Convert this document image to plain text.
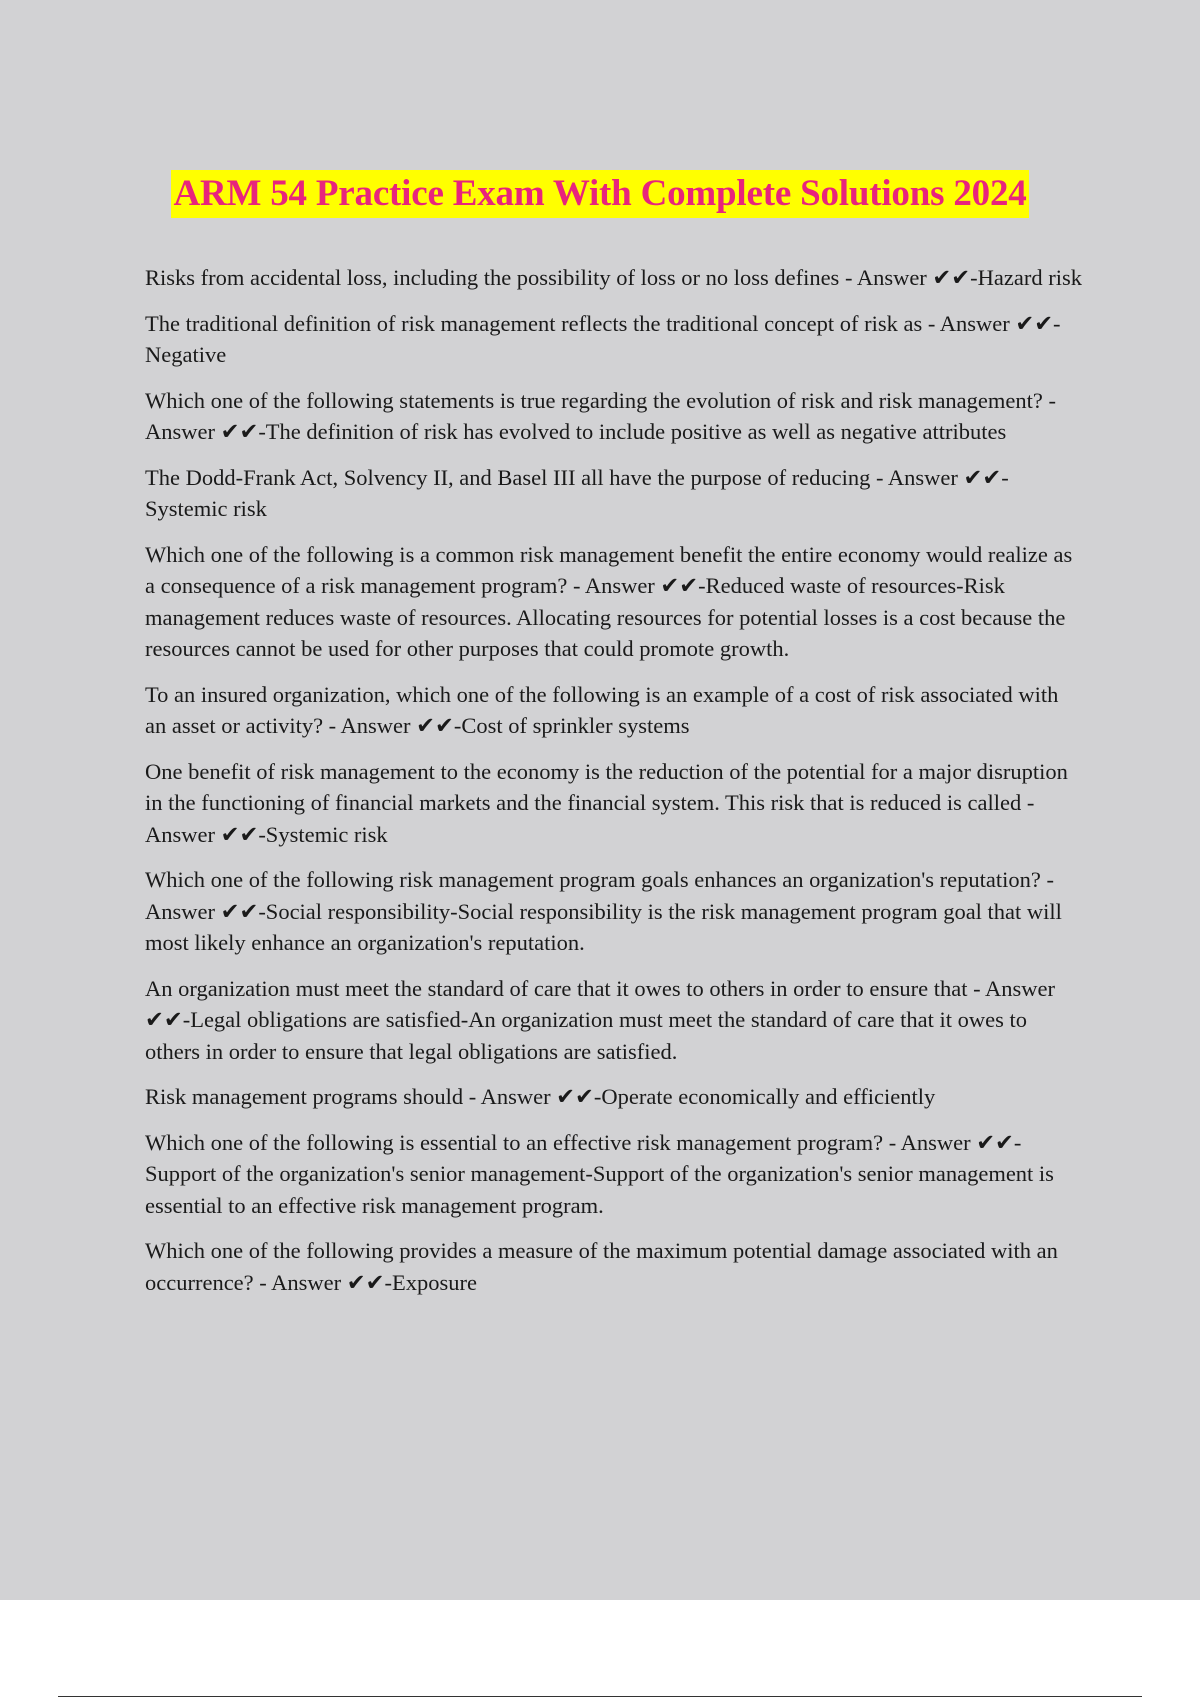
ARM 54 Practice Exam With Complete Solutions 2024
Risks from accidental loss, including the possibility of loss or no loss defines - Answer ✔✔-Hazard risk
The traditional definition of risk management reflects the traditional concept of risk as - Answer ✔✔-Negative
Which one of the following statements is true regarding the evolution of risk and risk management? - Answer ✔✔-The definition of risk has evolved to include positive as well as negative attributes
The Dodd-Frank Act, Solvency II, and Basel III all have the purpose of reducing - Answer ✔✔-Systemic risk
Which one of the following is a common risk management benefit the entire economy would realize as a consequence of a risk management program? - Answer ✔✔-Reduced waste of resources-Risk management reduces waste of resources. Allocating resources for potential losses is a cost because the resources cannot be used for other purposes that could promote growth.
To an insured organization, which one of the following is an example of a cost of risk associated with an asset or activity? - Answer ✔✔-Cost of sprinkler systems
One benefit of risk management to the economy is the reduction of the potential for a major disruption in the functioning of financial markets and the financial system. This risk that is reduced is called - Answer ✔✔-Systemic risk
Which one of the following risk management program goals enhances an organization's reputation? - Answer ✔✔-Social responsibility-Social responsibility is the risk management program goal that will most likely enhance an organization's reputation.
An organization must meet the standard of care that it owes to others in order to ensure that - Answer ✔✔-Legal obligations are satisfied-An organization must meet the standard of care that it owes to others in order to ensure that legal obligations are satisfied.
Risk management programs should - Answer ✔✔-Operate economically and efficiently
Which one of the following is essential to an effective risk management program? - Answer ✔✔-Support of the organization's senior management-Support of the organization's senior management is essential to an effective risk management program.
Which one of the following provides a measure of the maximum potential damage associated with an occurrence? - Answer ✔✔-Exposure
